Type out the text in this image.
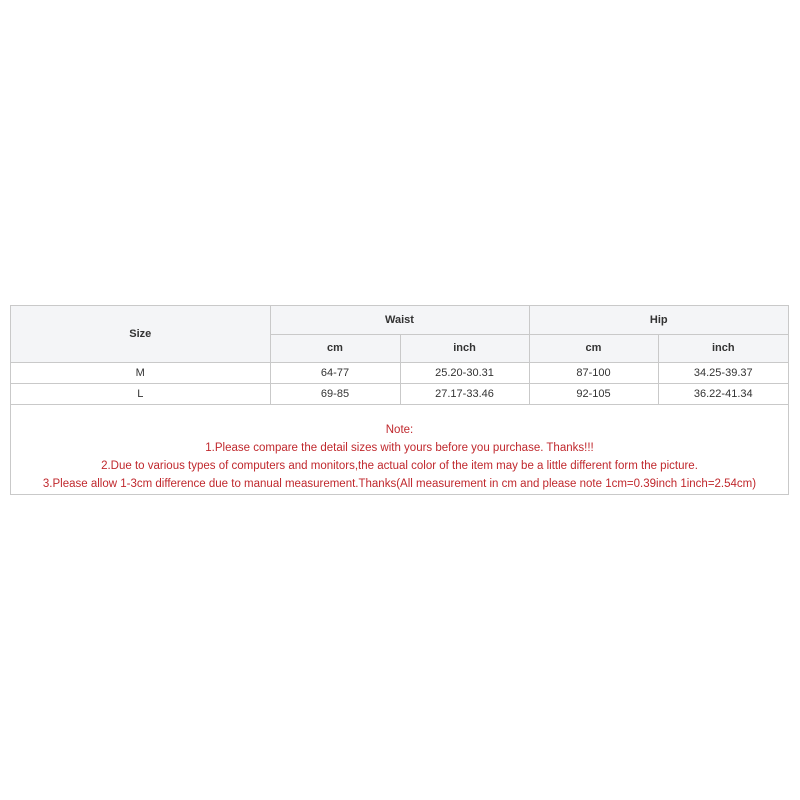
Size	Waist		Hip	
	cm	inch	cm	inch
M	64-77	25.20-30.31	87-100	34.25-39.37
L	69-85	27.17-33.46	92-105	36.22-41.34
Note:
1.Please compare the detail sizes with yours before you purchase. Thanks!!!
2.Due to various types of computers and monitors,the actual color of the item may be a little different form the picture.
3.Please allow 1-3cm difference due to manual measurement.Thanks(All measurement in cm and please note 1cm=0.39inch 1inch=2.54cm)
